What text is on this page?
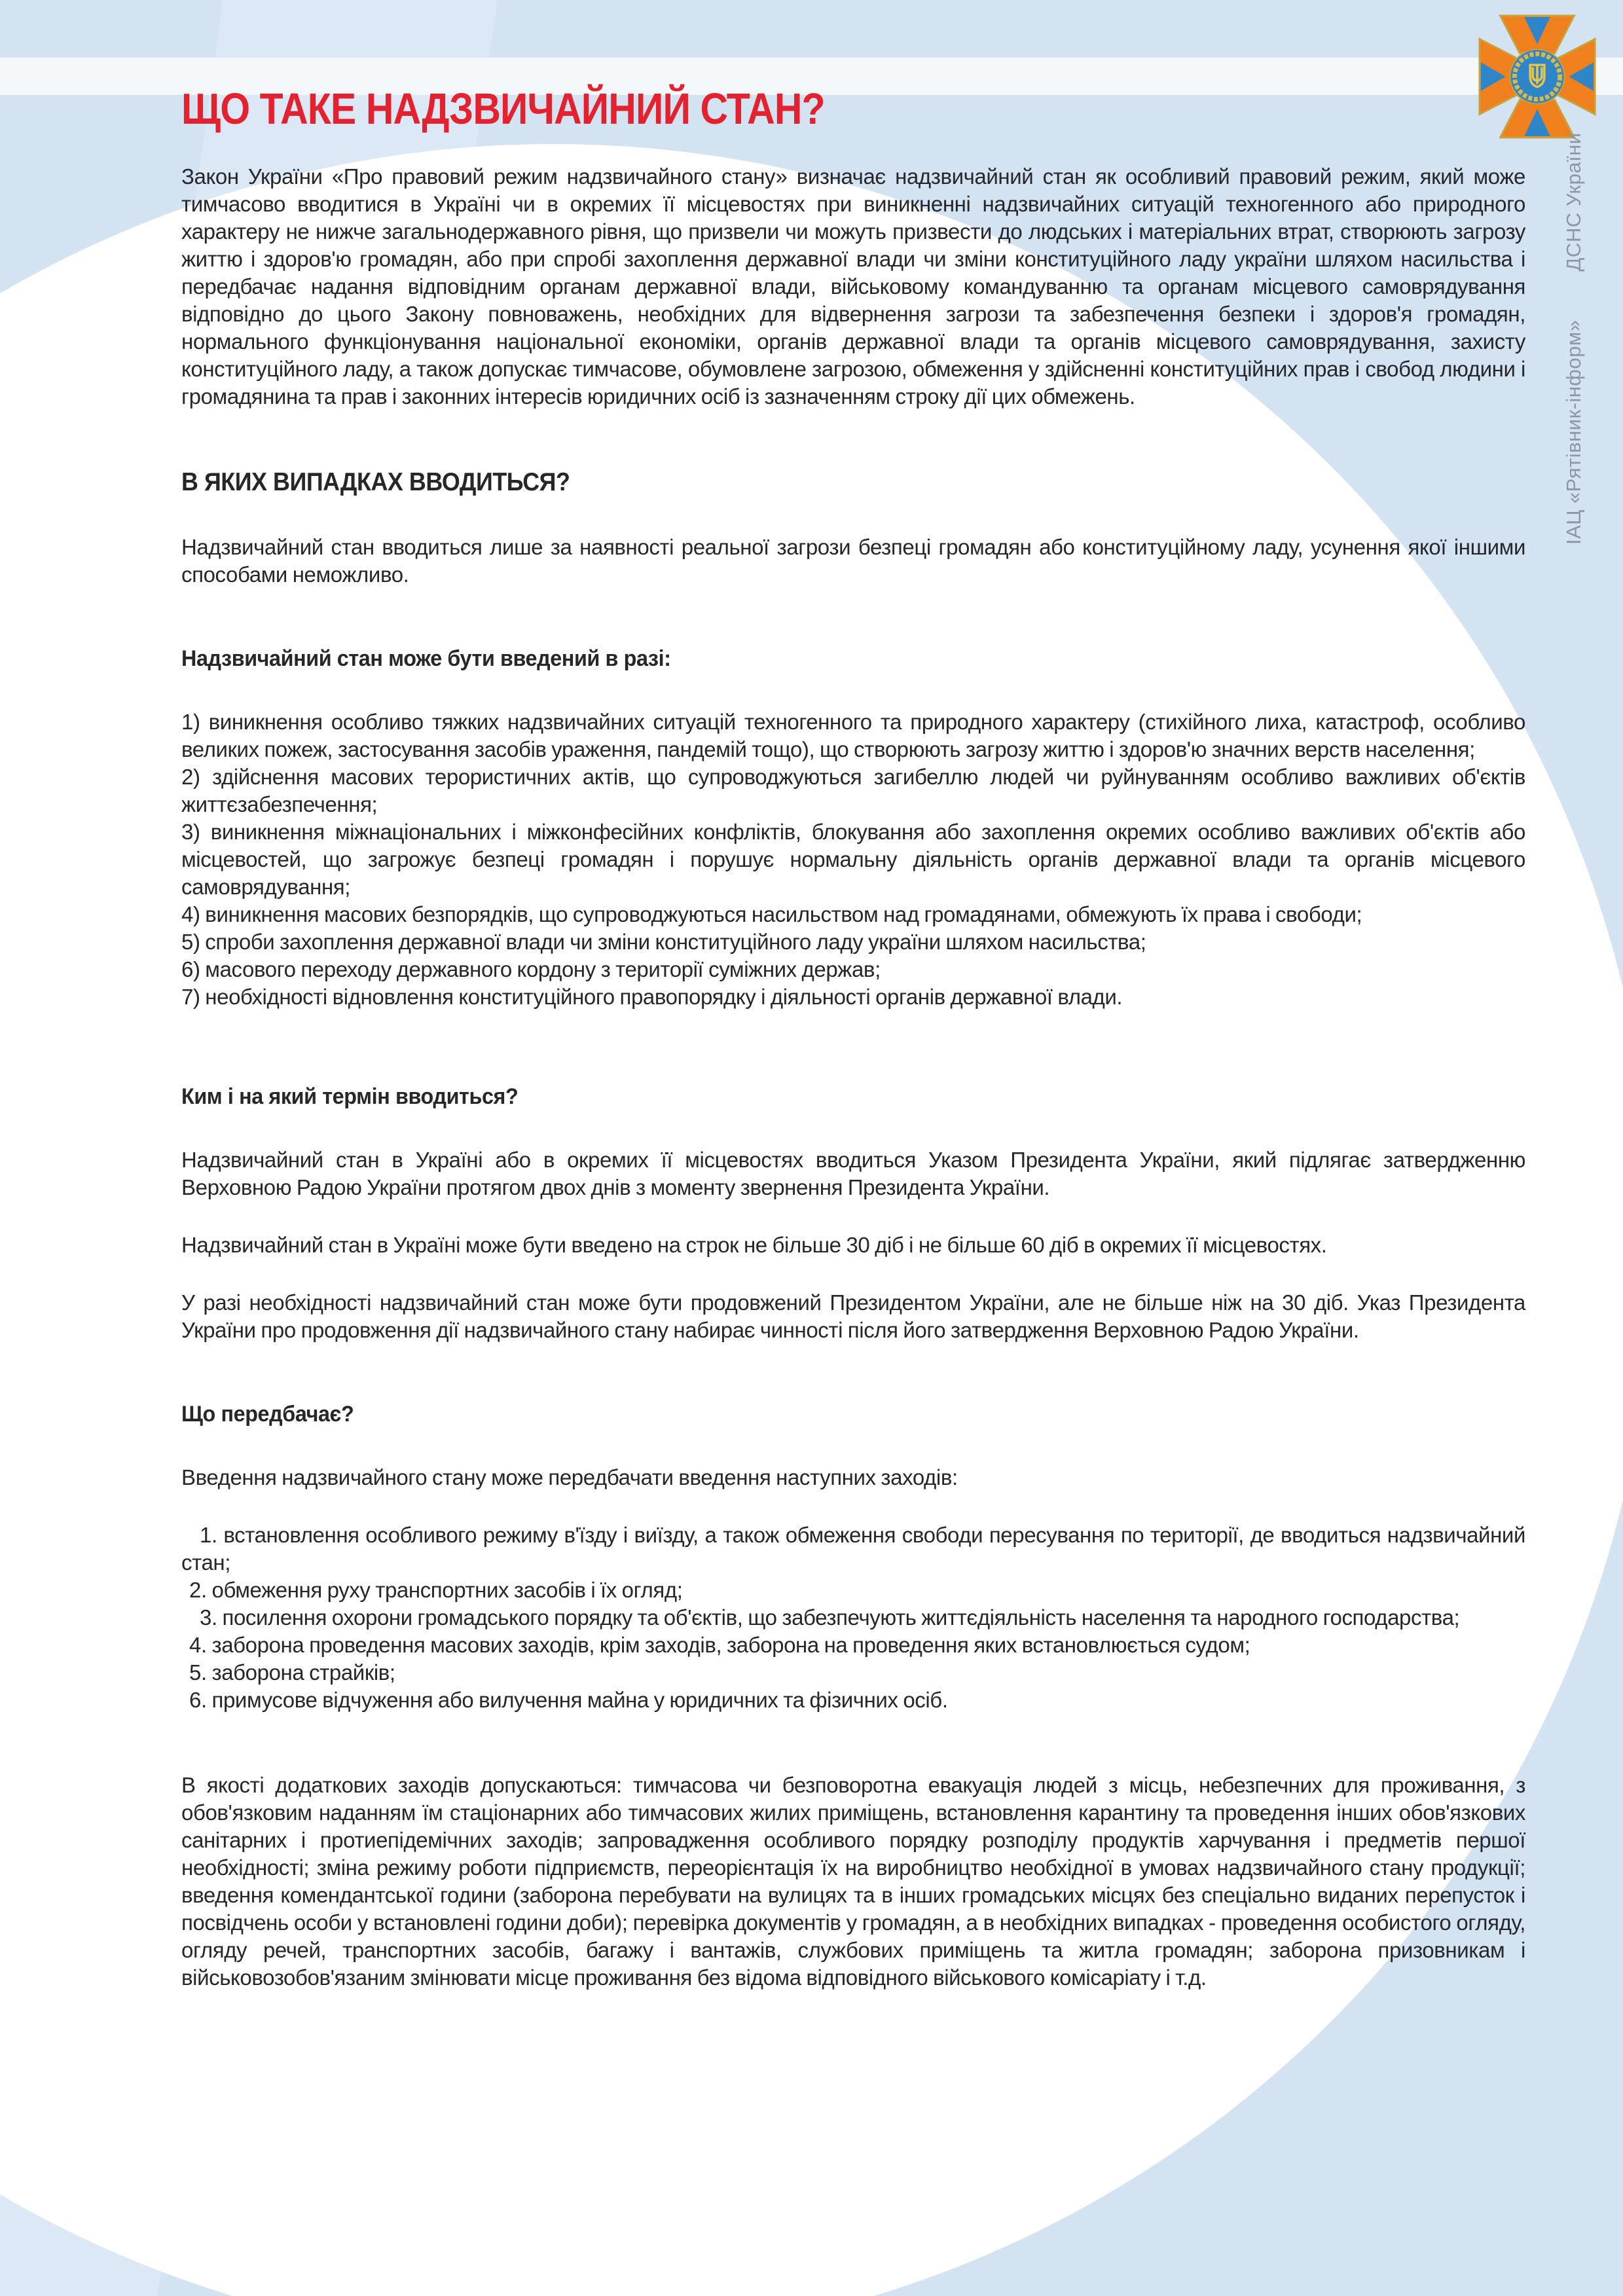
ІАЦ «Рятівник-інформ»
ДСНС України
ЩО ТАКЕ НАДЗВИЧАЙНИЙ СТАН?

Закон України «Про правовий режим надзвичайного стану» визначає надзвичайний стан як особливий правовий режим, який може тимчасово вводитися в Україні чи в окремих її місцевостях при виникненні надзвичайних ситуацій техногенного або природного характеру не нижче загальнодержавного рівня, що призвели чи можуть призвести до людських і матеріальних втрат, створюють загрозу життю і здоров'ю громадян, або при спробі захоплення державної влади чи зміни конституційного ладу україни шляхом насильства і передбачає надання відповідним органам державної влади, військовому командуванню та органам місцевого самоврядування відповідно до цього Закону повноважень, необхідних для відвернення загрози та забезпечення безпеки і здоров'я громадян, нормального функціонування національної економіки, органів державної влади та органів місцевого самоврядування, захисту конституційного ладу, а також допускає тимчасове, обумовлене загрозою, обмеження у здійсненні конституційних прав і свобод людини і громадянина та прав і законних інтересів юридичних осіб із зазначенням строку дії цих обмежень.

В ЯКИХ ВИПАДКАХ ВВОДИТЬСЯ?

Надзвичайний стан вводиться лише за наявності реальної загрози безпеці громадян або конституційному ладу, усунення якої іншими способами неможливо.

Надзвичайний стан може бути введений в разі:

1) виникнення особливо тяжких надзвичайних ситуацій техногенного та природного характеру (стихійного лиха, катастроф, особливо великих пожеж, застосування засобів ураження, пандемій тощо), що створюють загрозу життю і здоров'ю значних верств населення;

2) здійснення масових терористичних актів, що супроводжуються загибеллю людей чи руйнуванням особливо важливих об'єктів життєзабезпечення;

3) виникнення міжнаціональних і міжконфесійних конфліктів, блокування або захоплення окремих особливо важливих об'єктів або місцевостей, що загрожує безпеці громадян і порушує нормальну діяльність органів державної влади та органів місцевого самоврядування;

4) виникнення масових безпорядків, що супроводжуються насильством над громадянами, обмежують їх права і свободи;

5) спроби захоплення державної влади чи зміни конституційного ладу україни шляхом насильства;

6) масового переходу державного кордону з території суміжних держав;

7) необхідності відновлення конституційного правопорядку і діяльності органів державної влади.

Ким і на який термін вводиться?

Надзвичайний стан в Україні або в окремих її місцевостях вводиться Указом Президента України, який підлягає затвердженню Верховною Радою України протягом двох днів з моменту звернення Президента України.

Надзвичайний стан в Україні може бути введено на строк не більше 30 діб і не більше 60 діб в окремих її місцевостях.

У разі необхідності надзвичайний стан може бути продовжений Президентом України, але не більше ніж на 30 діб. Указ Президента України про продовження дії надзвичайного стану набирає чинності після його затвердження Верховною Радою України.

Що передбачає?

Введення надзвичайного стану може передбачати введення наступних заходів:

1. встановлення особливого режиму в'їзду і виїзду, а також обмеження свободи пересування по території, де вводиться надзвичайний стан;

2. обмеження руху транспортних засобів і їх огляд;

3. посилення охорони громадського порядку та об'єктів, що забезпечують життєдіяльність населення та народного господарства;

4. заборона проведення масових заходів, крім заходів, заборона на проведення яких встановлюється судом;

5. заборона страйків;

6. примусове відчуження або вилучення майна у юридичних та фізичних осіб.

В якості додаткових заходів допускаються: тимчасова чи безповоротна евакуація людей з місць, небезпечних для проживання, з обов'язковим наданням їм стаціонарних або тимчасових жилих приміщень, встановлення карантину та проведення інших обов'язкових санітарних і протиепідемічних заходів; запровадження особливого порядку розподілу продуктів харчування і предметів першої необхідності; зміна режиму роботи підприємств, переорієнтація їх на виробництво необхідної в умовах надзвичайного стану продукції; введення комендантської години (заборона перебувати на вулицях та в інших громадських місцях без спеціально виданих перепусток і посвідчень особи у встановлені години доби); перевірка документів у громадян, а в необхідних випадках - проведення особистого огляду, огляду речей, транспортних засобів, багажу і вантажів, службових приміщень та житла громадян; заборона призовникам і військовозобов'язаним змінювати місце проживання без відома відповідного військового комісаріату і т.д.
